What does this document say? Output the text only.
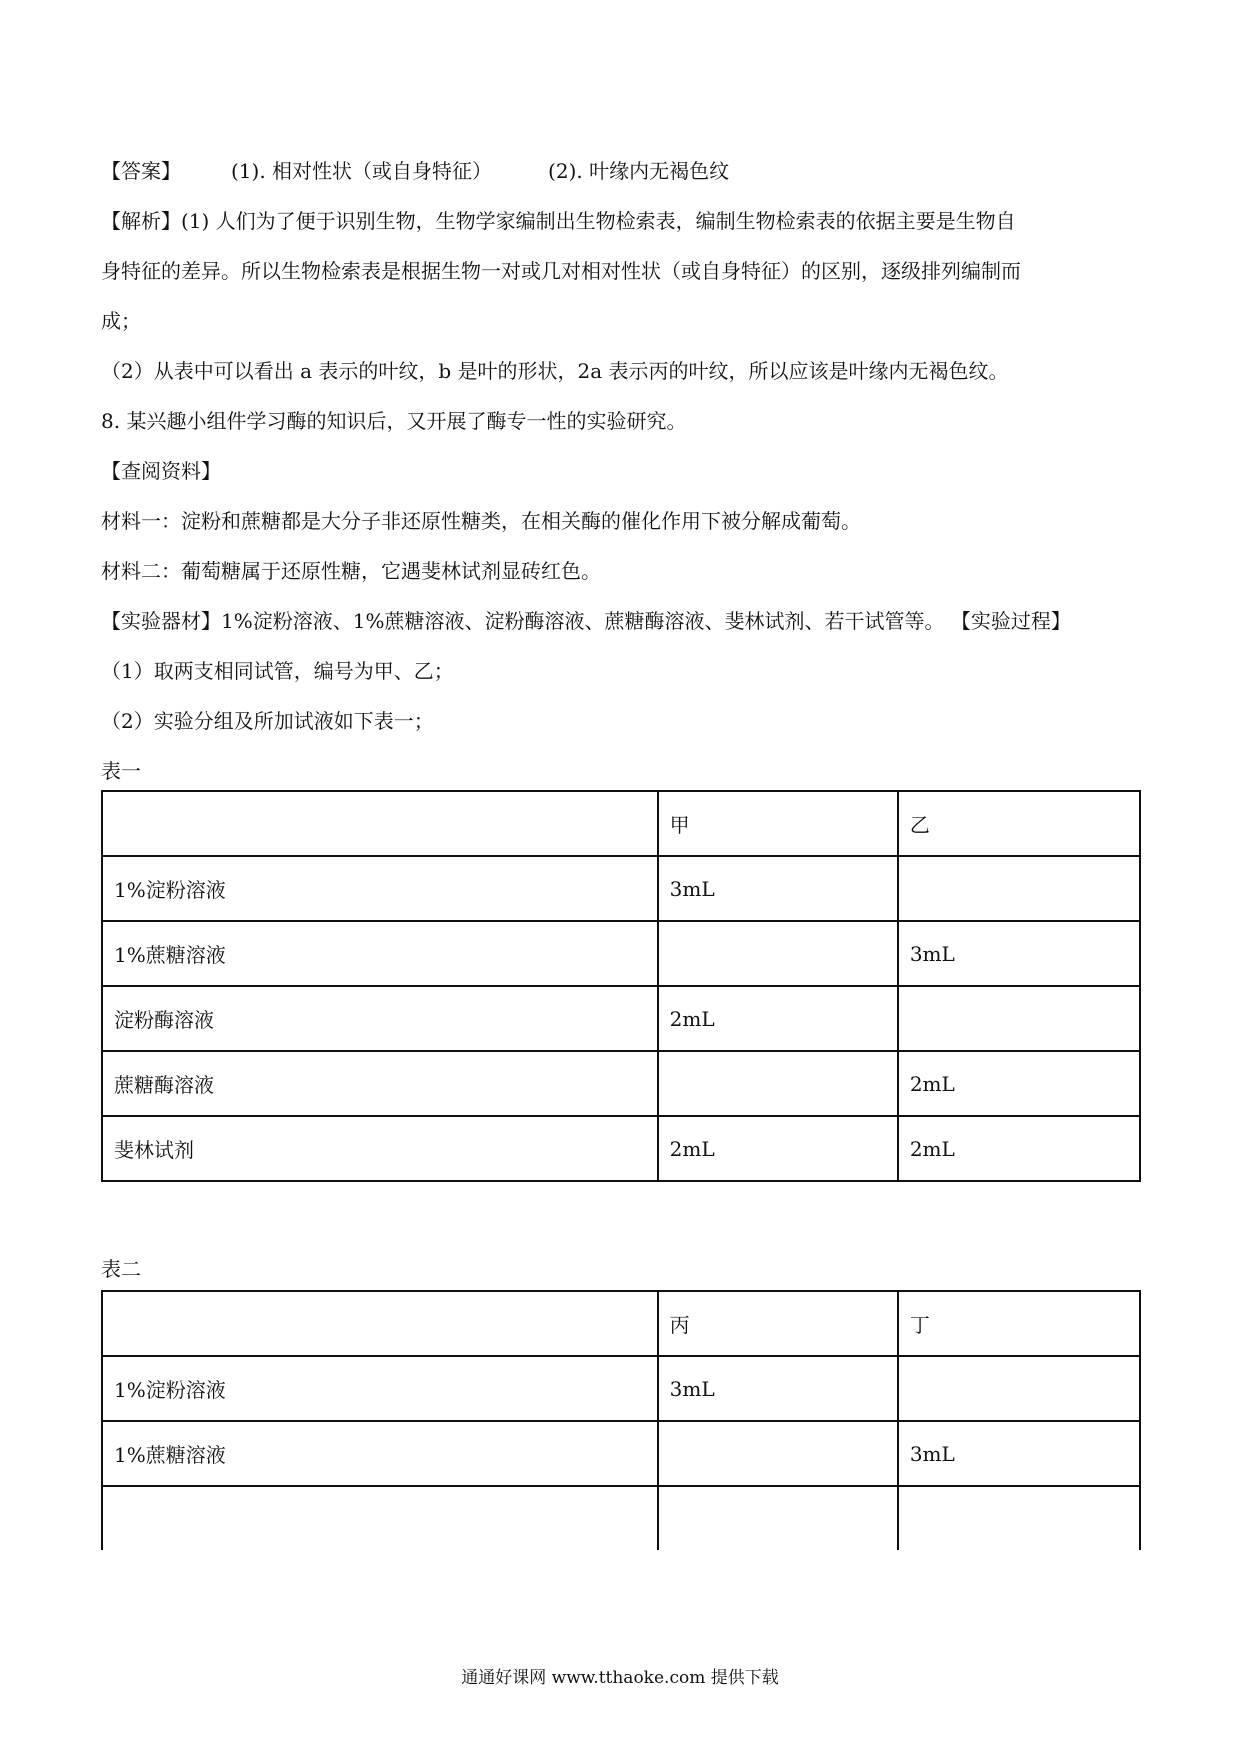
【答案】	(1). 相对性状（或自身特征）	(2). 叶缘内无褐色纹
【解析】(1) 人们为了便于识别生物，生物学家编制出生物检索表，编制生物检索表的依据主要是生物自
身特征的差异。所以生物检索表是根据生物一对或几对相对性状（或自身特征）的区别，逐级排列编制而
成；
（2）从表中可以看出 a 表示的叶纹，b 是叶的形状，2a 表示丙的叶纹，所以应该是叶缘内无褐色纹。
8. 某兴趣小组件学习酶的知识后，又开展了酶专一性的实验研究。
【查阅资料】
材料一：淀粉和蔗糖都是大分子非还原性糖类，在相关酶的催化作用下被分解成葡萄。
材料二：葡萄糖属于还原性糖，它遇斐林试剂显砖红色。
【实验器材】1%淀粉溶液、1%蔗糖溶液、淀粉酶溶液、蔗糖酶溶液、斐林试剂、若干试管等。 【实验过程】
（1）取两支相同试管，编号为甲、乙；
（2）实验分组及所加试液如下表一；
表一
	甲	乙
1%淀粉溶液	3mL	
1%蔗糖溶液		3mL
淀粉酶溶液	2mL	
蔗糖酶溶液		2mL
斐林试剂	2mL	2mL
表二
	丙	丁
1%淀粉溶液	3mL	
1%蔗糖溶液		3mL

通通好课网 www.tthaoke.com 提供下载
